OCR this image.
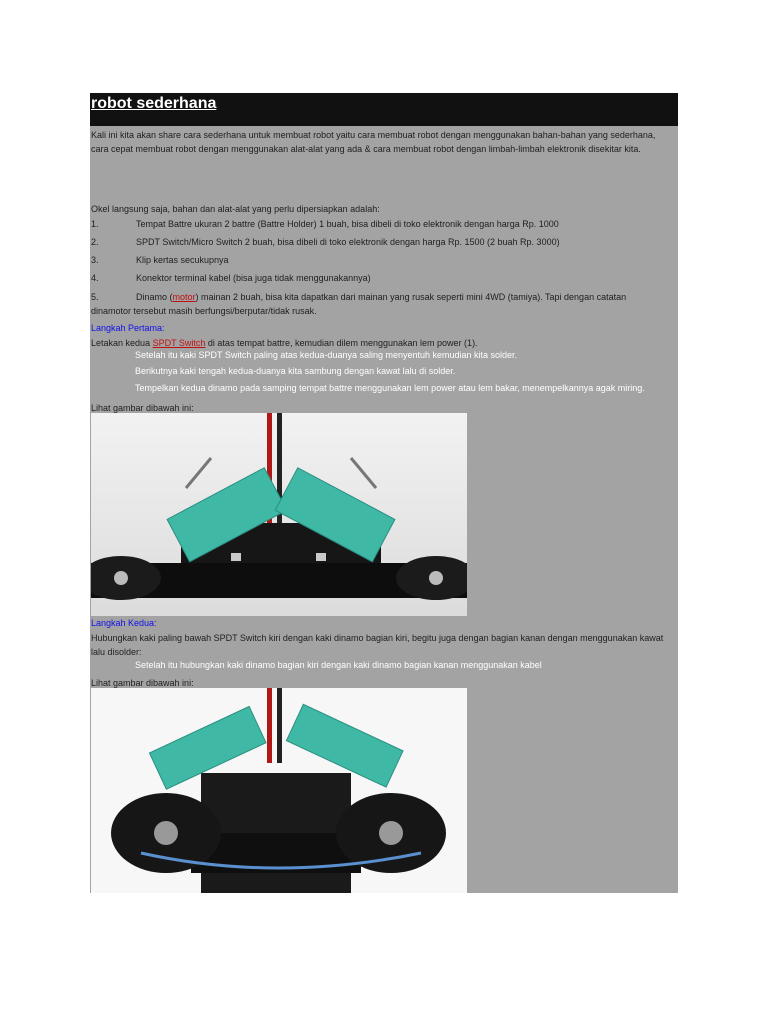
robot sederhana
Kali ini kita akan share cara sederhana untuk membuat robot yaitu cara membuat robot dengan menggunakan bahan-bahan yang sederhana, cara cepat membuat robot dengan menggunakan alat-alat yang ada & cara membuat robot dengan limbah-limbah elektronik disekitar kita.
Okel langsung saja, bahan dan alat-alat yang perlu dipersiapkan adalah:
1.	Tempat Battre ukuran 2 battre (Battre Holder) 1 buah, bisa dibeli di toko elektronik dengan harga Rp. 1000
2.	SPDT Switch/Micro Switch 2 buah, bisa dibeli di toko elektronik dengan harga Rp. 1500 (2 buah Rp. 3000)
3.	Klip kertas secukupnya
4.	Konektor terminal kabel (bisa juga tidak menggunakannya)
5.	Dinamo (motor) mainan 2 buah, bisa kita dapatkan dari mainan yang rusak seperti mini 4WD (tamiya). Tapi dengan catatan
dinamotor tersebut masih berfungsi/berputar/tidak rusak.
Langkah Pertama:
Letakan kedua SPDT Switch di atas tempat battre, kemudian dilem menggunakan lem power (1).
Setelah itu kaki SPDT Switch paling atas kedua-duanya saling menyentuh kemudian kita solder.
Berikutnya kaki tengah kedua-duanya kita sambung dengan kawat lalu di solder.
Tempelkan kedua dinamo pada samping tempat battre menggunakan lem power atau lem bakar, menempelkannya agak miring.
Lihat gambar dibawah ini:
Langkah Kedua:
Hubungkan kaki paling bawah SPDT Switch kiri dengan kaki dinamo bagian kiri, begitu juga dengan bagian kanan dengan menggunakan kawat lalu disolder:
Setelah itu hubungkan kaki dinamo bagian kiri dengan kaki dinamo bagian kanan menggunakan kabel
Lihat gambar dibawah ini:
